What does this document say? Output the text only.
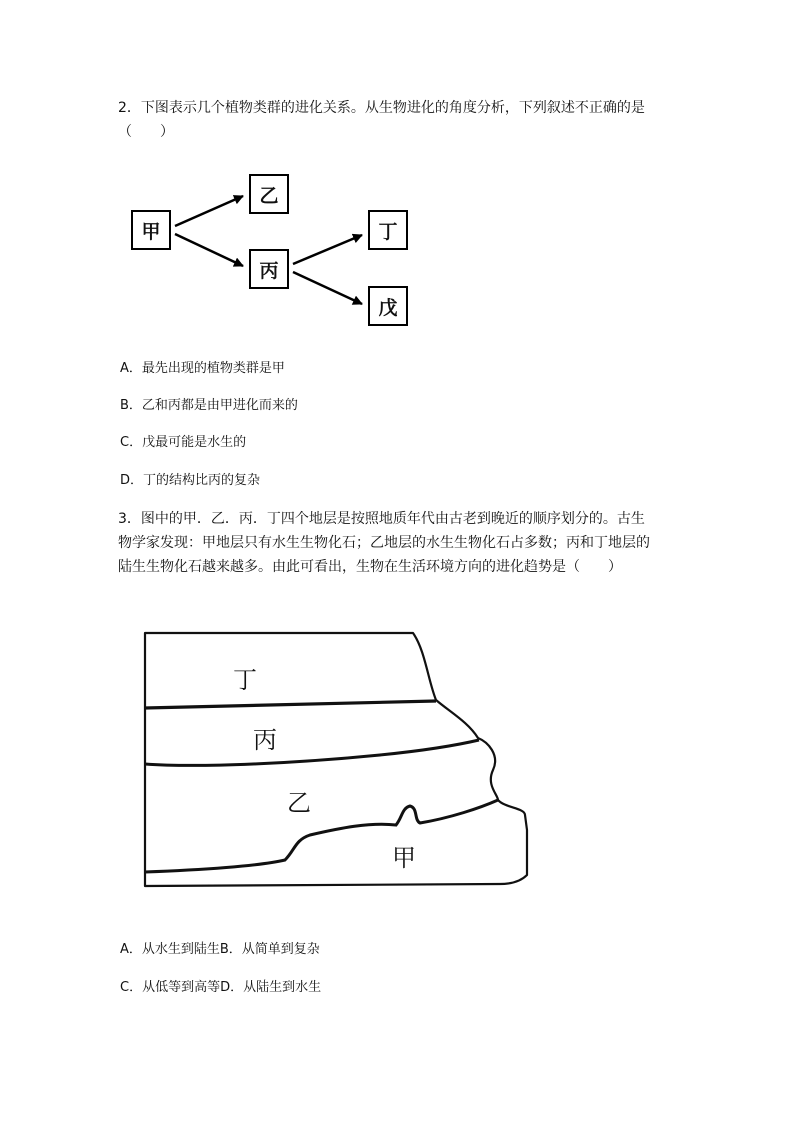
2．下图表示几个植物类群的进化关系。从生物进化的角度分析，下列叙述不正确的是
（　　）
甲
乙
丙
丁
戊
A．最先出现的植物类群是甲
B．乙和丙都是由甲进化而来的
C．戊最可能是水生的
D．丁的结构比丙的复杂
3．图中的甲．乙．丙．丁四个地层是按照地质年代由古老到晚近的顺序划分的。古生
物学家发现：甲地层只有水生生物化石；乙地层的水生生物化石占多数；丙和丁地层的
陆生生物化石越来越多。由此可看出，生物在生活环境方向的进化趋势是（　　）
丁
丙
乙
甲
A．从水生到陆生B．从简单到复杂
C．从低等到高等D．从陆生到水生
